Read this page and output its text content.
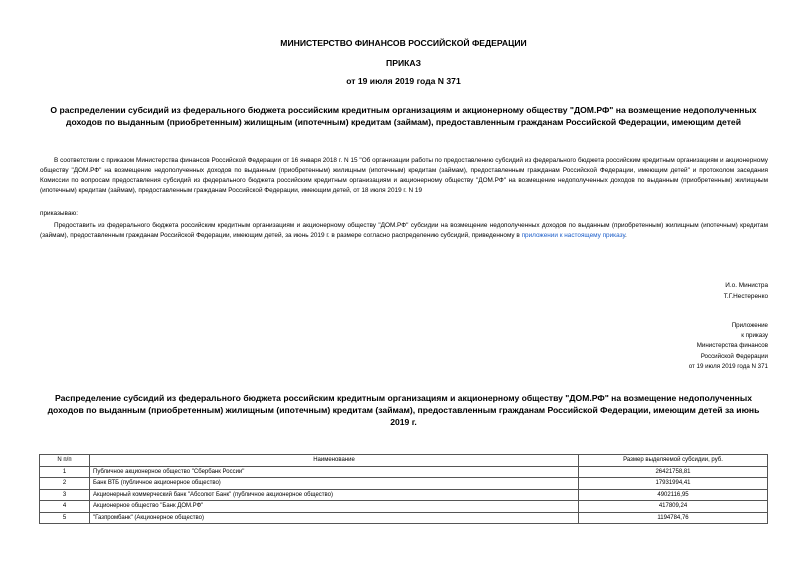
МИНИСТЕРСТВО ФИНАНСОВ РОССИЙСКОЙ ФЕДЕРАЦИИ
ПРИКАЗ
от 19 июля 2019 года N 371
О распределении субсидий из федерального бюджета российским кредитным организациям и акционерному обществу "ДОМ.РФ" на возмещение недополученных доходов по выданным (приобретенным) жилищным (ипотечным) кредитам (займам), предоставленным гражданам Российской Федерации, имеющим детей
В соответствии с приказом Министерства финансов Российской Федерации от 16 января 2018 г. N 15 "Об организации работы по предоставлению субсидий из федерального бюджета российским кредитным организациям и акционерному обществу "ДОМ.РФ" на возмещение недополученных доходов по выданным (приобретенным) жилищным (ипотечным) кредитам (займам), предоставленным гражданам Российской Федерации, имеющим детей" и протоколом заседания Комиссии по вопросам предоставления субсидий из федерального бюджета российским кредитным организациям и акционерному обществу "ДОМ.РФ" на возмещение недополученных доходов по выданным (приобретенным) жилищным (ипотечным) кредитам (займам), предоставленным гражданам Российской Федерации, имеющим детей, от 18 июля 2019 г. N 19
приказываю:
Предоставить из федерального бюджета российским кредитным организациям и акционерному обществу "ДОМ.РФ" субсидии на возмещение недополученных доходов по выданным (приобретенным) жилищным (ипотечным) кредитам (займам), предоставленным гражданам Российской Федерации, имеющим детей, за июнь 2019 г. в размере согласно распределению субсидий, приведенному в приложении к настоящему приказу.
И.о. Министра
Т.Г.Нестеренко
Приложение
к приказу
Министерства финансов
Российской Федерации
от 19 июля 2019 года N 371
Распределение субсидий из федерального бюджета российским кредитным организациям и акционерному обществу "ДОМ.РФ" на возмещение недополученных доходов по выданным (приобретенным) жилищным (ипотечным) кредитам (займам), предоставленным гражданам Российской Федерации, имеющим детей за июнь 2019 г.
N п/п	Наименование	Размер выделяемой субсидии, руб.
1	Публичное акционерное общество "Сбербанк России"	26421758,81
2	Банк ВТБ (публичное акционерное общество)	17931994,41
3	Акционерный коммерческий банк "Абсолют Банк" (публичное акционерное общество)	4902116,95
4	Акционерное общество "Банк ДОМ.РФ"	417809,24
5	"Газпромбанк" (Акционерное общество)	1194784,76
